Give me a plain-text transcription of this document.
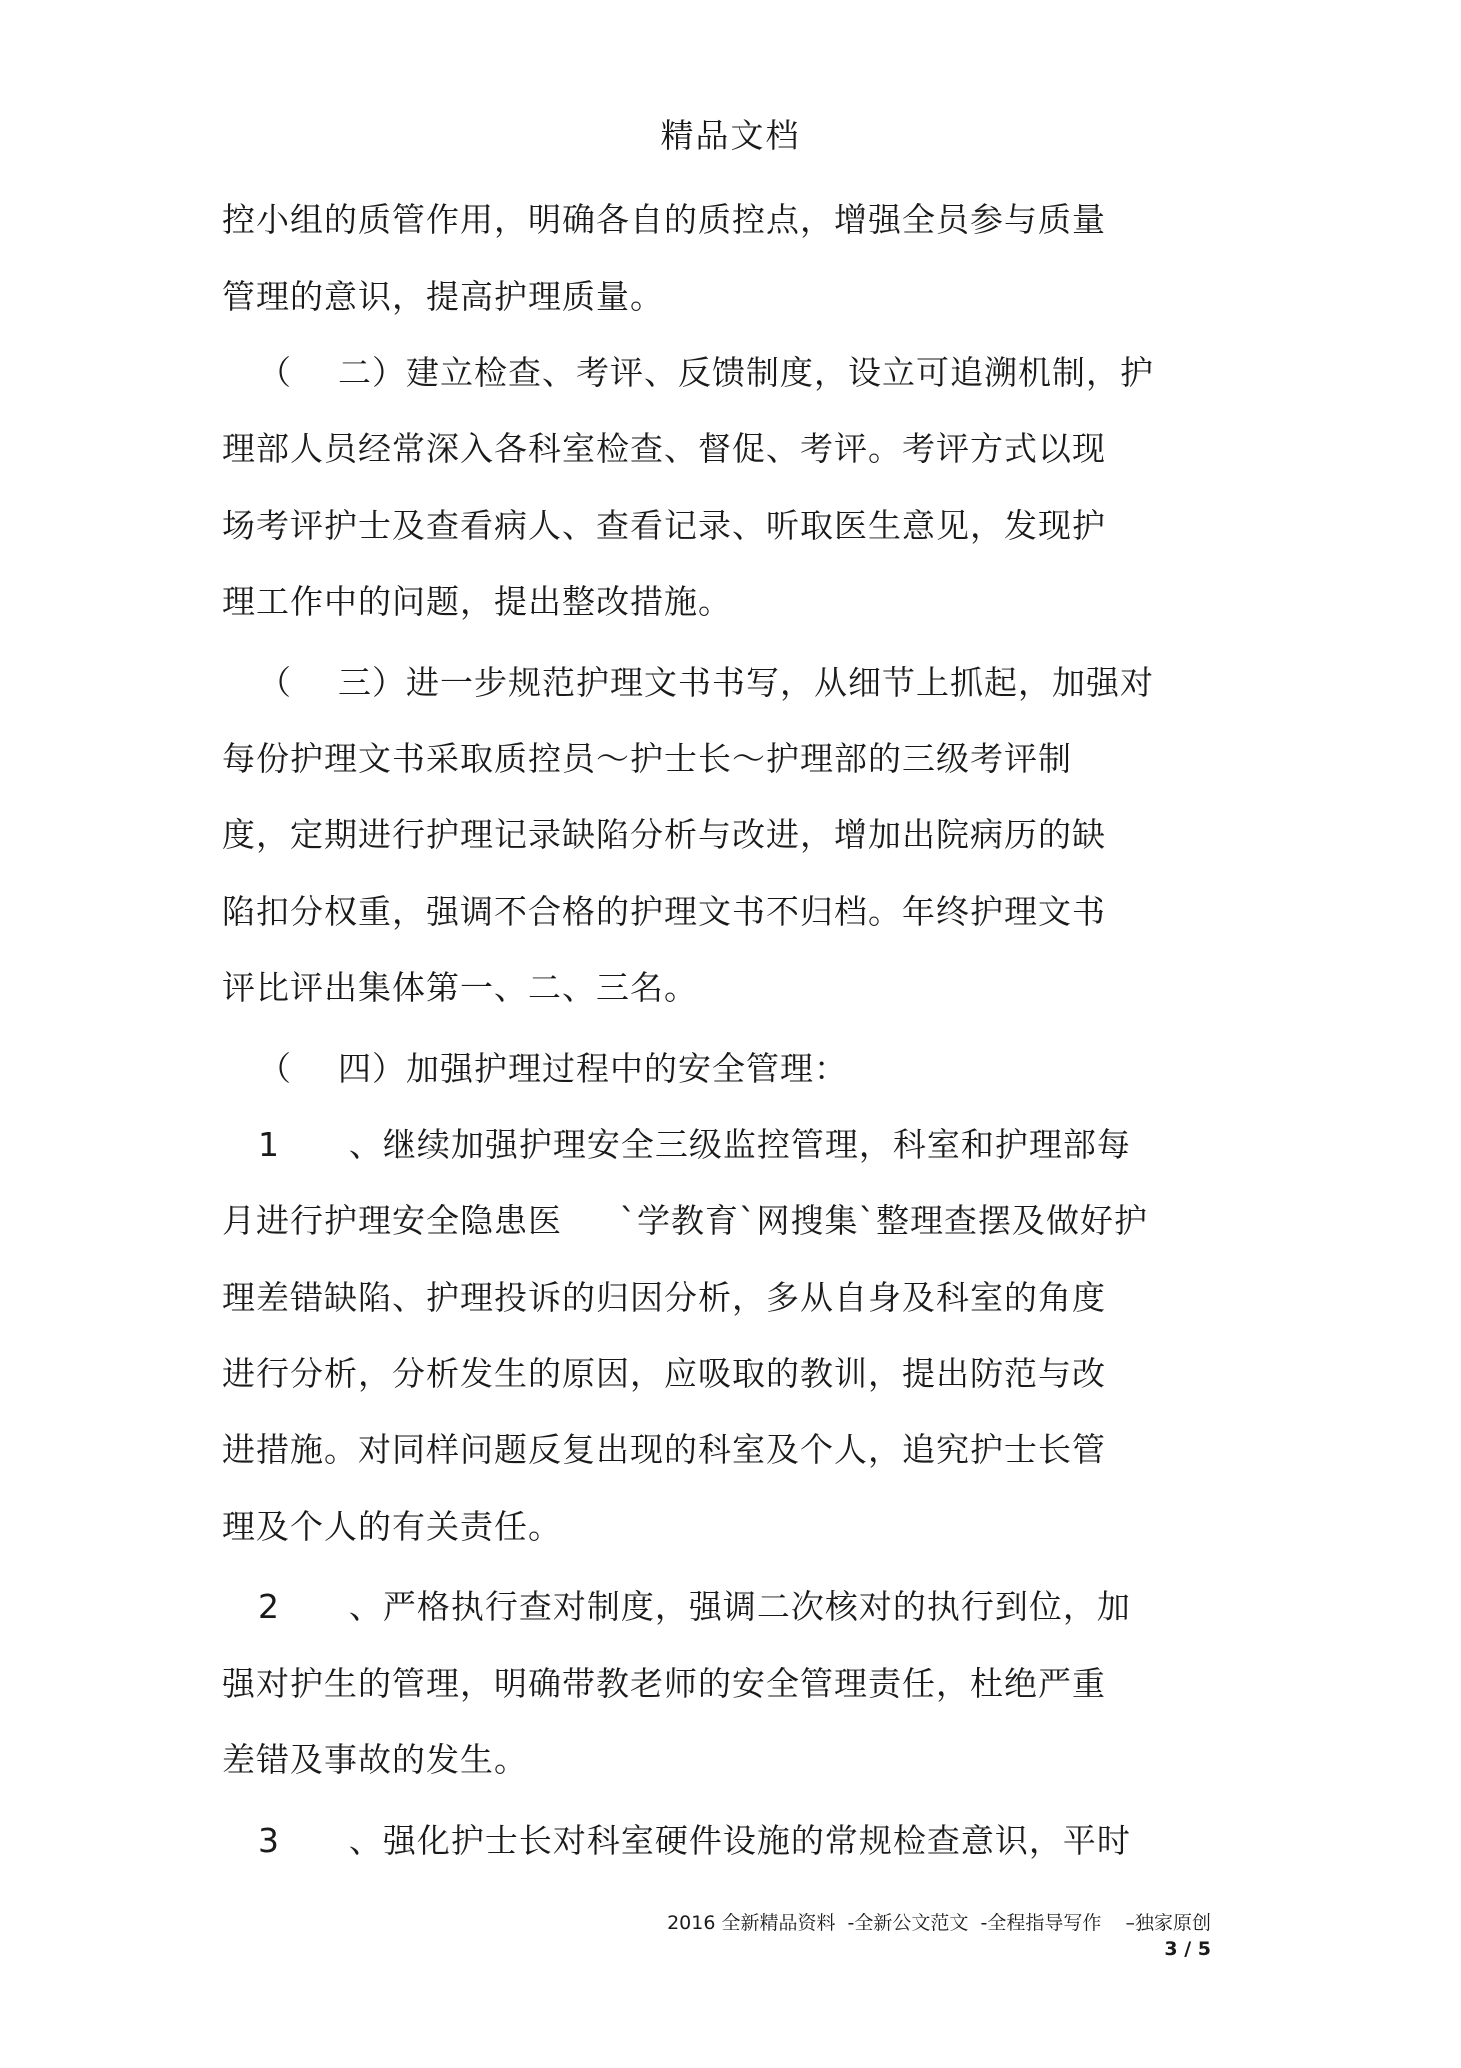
精品文档
控小组的质管作用，明确各自的质控点，增强全员参与质量
管理的意识，提高护理质量。
（    二）建立检查、考评、反馈制度，设立可追溯机制，护
理部人员经常深入各科室检查、督促、考评。考评方式以现
场考评护士及查看病人、查看记录、听取医生意见，发现护
理工作中的问题，提出整改措施。
（    三）进一步规范护理文书书写，从细节上抓起，加强对
每份护理文书采取质控员～护士长～护理部的三级考评制
度，定期进行护理记录缺陷分析与改进，增加出院病历的缺
陷扣分权重，强调不合格的护理文书不归档。年终护理文书
评比评出集体第一、二、三名。
（    四）加强护理过程中的安全管理：
1      、继续加强护理安全三级监控管理，科室和护理部每
月进行护理安全隐患医     `学教育`网搜集`整理查摆及做好护
理差错缺陷、护理投诉的归因分析，多从自身及科室的角度
进行分析，分析发生的原因，应吸取的教训，提出防范与改
进措施。对同样问题反复出现的科室及个人，追究护士长管
理及个人的有关责任。
2      、严格执行查对制度，强调二次核对的执行到位，加
强对护生的管理，明确带教老师的安全管理责任，杜绝严重
差错及事故的发生。
3      、强化护士长对科室硬件设施的常规检查意识，平时
2016 全新精品资料  -全新公文范文  -全程指导写作    –独家原创
3 / 5
